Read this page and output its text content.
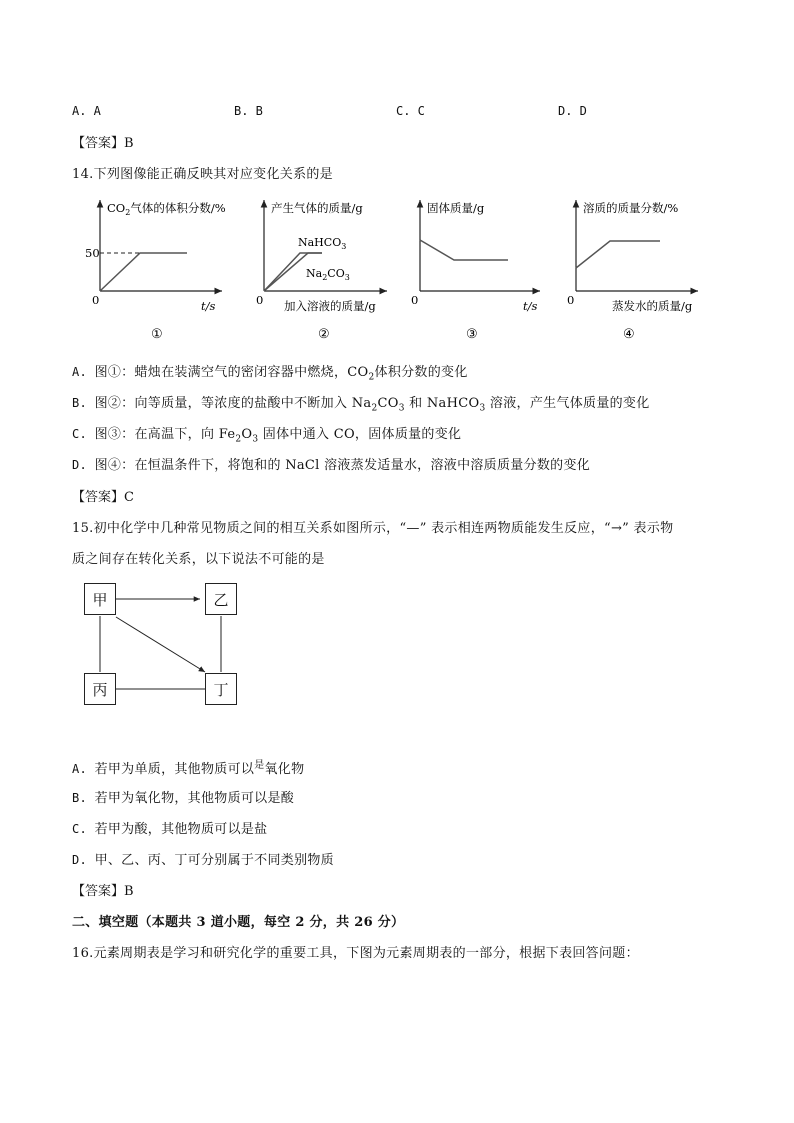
A. A	B. B	C. C	D. D
【答案】B
14.下列图像能正确反映其对应变化关系的是
$CO_2$气体的体积分数/%
50
0	t/s
①
产生气体的质量/g
NaHCO$_3$
$Na_2CO_3$
0 加入溶液的质量/g
②
固体质量/g
0	t/s
③
溶质的质量分数/%
0	蒸发水的质量/g
④
A. 图①：蜡烛在装满空气的密闭容器中燃烧，$CO_2$体积分数的变化
B. 图②：向等质量，等浓度的盐酸中不断加入 $Na_2CO_3$ 和 NaHCO$_3$ 溶液，产生气体质量的变化
C. 图③：在高温下，向 $Fe_2O_3$ 固体中通入 CO，固体质量的变化
D. 图④：在恒温条件下，将饱和的 NaCl 溶液蒸发适量水，溶液中溶质质量分数的变化
【答案】C
15.初中化学中几种常见物质之间的相互关系如图所示，“—” 表示相连两物质能发生反应，“→” 表示物
质之间存在转化关系，以下说法不可能的是
甲	乙
丙	丁
A. 若甲为单质，其他物质可以$^是$氧化物
B. 若甲为氧化物，其他物质可以是酸
C. 若甲为酸，其他物质可以是盐
D. 甲、乙、丙、丁可分别属于不同类别物质
【答案】B
二、填空题（本题共 3 道小题，每空 2 分，共 26 分）
16.元素周期表是学习和研究化学的重要工具，下图为元素周期表的一部分，根据下表回答问题：
